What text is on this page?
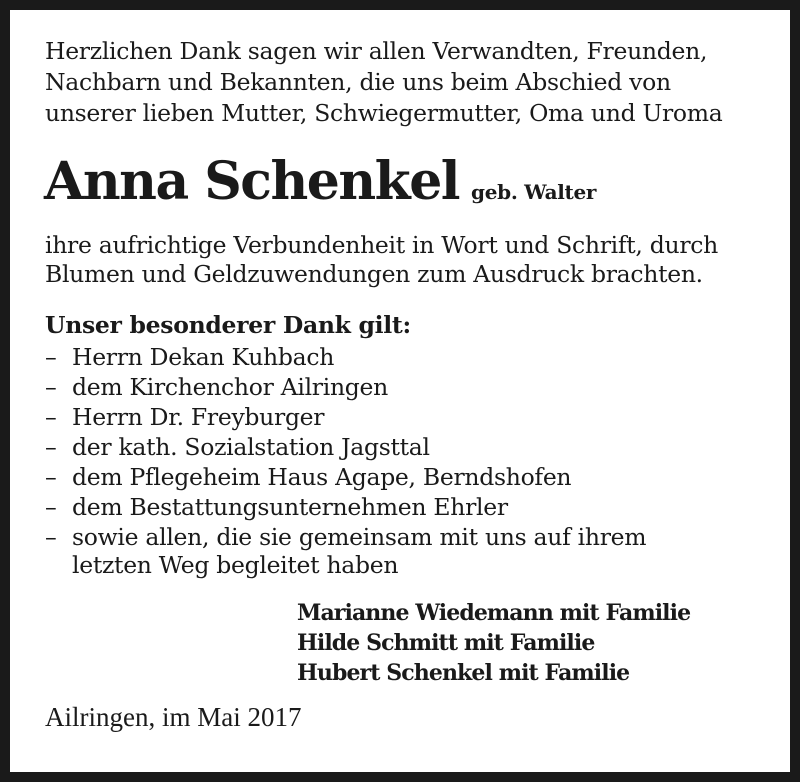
Herzlichen Dank sagen wir allen Verwandten, Freunden,
Nachbarn und Bekannten, die uns beim Abschied von
unserer lieben Mutter, Schwiegermutter, Oma und Uroma
Anna Schenkel geb. Walter
ihre aufrichtige Verbundenheit in Wort und Schrift, durch
Blumen und Geldzuwendungen zum Ausdruck brachten.
Unser besonderer Dank gilt:
– Herrn Dekan Kuhbach
– dem Kirchenchor Ailringen
– Herrn Dr. Freyburger
– der kath. Sozialstation Jagsttal
– dem Pflegeheim Haus Agape, Berndshofen
– dem Bestattungsunternehmen Ehrler
– sowie allen, die sie gemeinsam mit uns auf ihrem
letzten Weg begleitet haben
Marianne Wiedemann mit Familie
Hilde Schmitt mit Familie
Hubert Schenkel mit Familie
Ailringen, im Mai 2017
